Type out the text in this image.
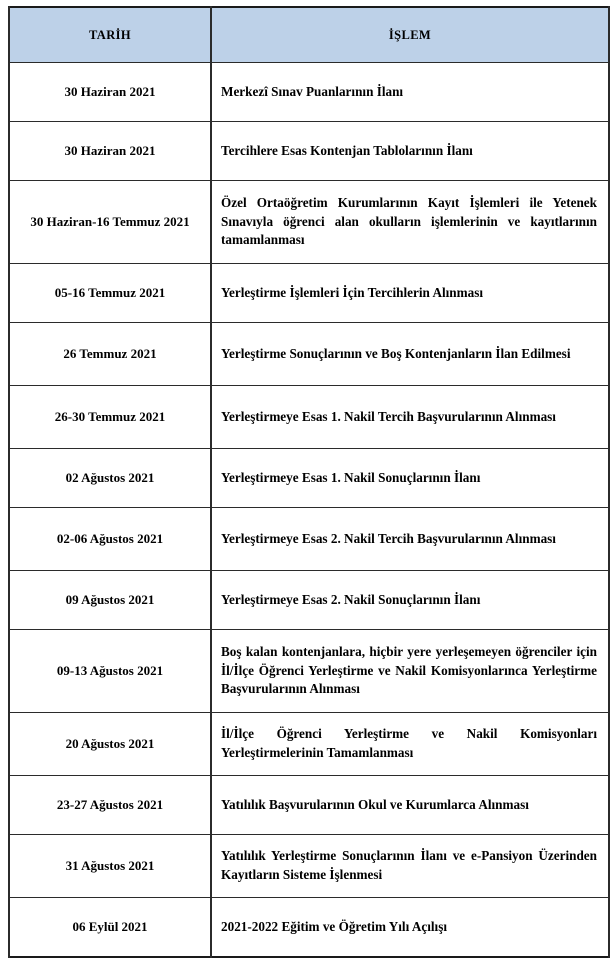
TARİH	İŞLEM
30 Haziran 2021	Merkezî Sınav Puanlarının İlanı

30 Haziran 2021	Tercihlere Esas Kontenjan Tablolarının İlanı

30 Haziran-16 Temmuz 2021	Özel Ortaöğretim Kurumlarının Kayıt İşlemleri ile Yetenek Sınavıyla öğrenci alan okulların işlemlerinin ve kayıtlarının tamamlanması

05-16 Temmuz 2021	Yerleştirme İşlemleri İçin Tercihlerin Alınması

26 Temmuz 2021	Yerleştirme Sonuçlarının ve Boş Kontenjanların İlan Edilmesi

26-30 Temmuz 2021	Yerleştirmeye Esas 1. Nakil Tercih Başvurularının Alınması

02 Ağustos 2021	Yerleştirmeye Esas 1. Nakil Sonuçlarının İlanı

02-06 Ağustos 2021	Yerleştirmeye Esas 2. Nakil Tercih Başvurularının Alınması

09 Ağustos 2021	Yerleştirmeye Esas 2. Nakil Sonuçlarının İlanı

09-13 Ağustos 2021	Boş kalan kontenjanlara, hiçbir yere yerleşemeyen öğrenciler için İl/İlçe Öğrenci Yerleştirme ve Nakil Komisyonlarınca Yerleştirme Başvurularının Alınması

20 Ağustos 2021	İl/İlçe Öğrenci Yerleştirme ve Nakil Komisyonları Yerleştirmelerinin Tamamlanması

23-27 Ağustos 2021	Yatılılık Başvurularının Okul ve Kurumlarca Alınması

31 Ağustos 2021	Yatılılık Yerleştirme Sonuçlarının İlanı ve e-Pansiyon Üzerinden Kayıtların Sisteme İşlenmesi

06 Eylül 2021	2021-2022 Eğitim ve Öğretim Yılı Açılışı
